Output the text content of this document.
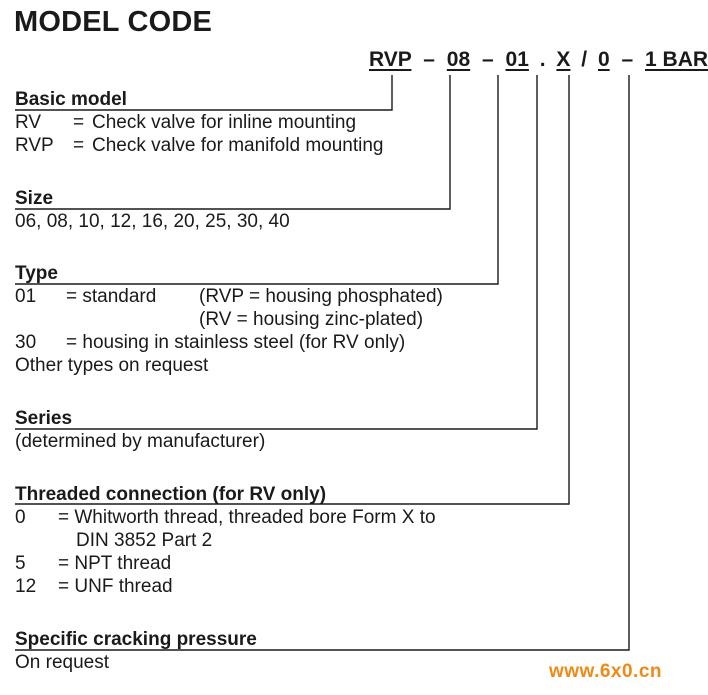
MODEL CODE
RVP – 08 – 01 . X / 0 – 1 BAR
Basic model
RV = Check valve for inline mounting
RVP = Check valve for manifold mounting
Size
06, 08, 10, 12, 16, 20, 25, 30, 40
Type
01 = standard (RVP = housing phosphated)
(RV = housing zinc-plated)
30 = housing in stainless steel (for RV only)
Other types on request
Series
(determined by manufacturer)
Threaded connection (for RV only)
0 = Whitworth thread, threaded bore Form X to
DIN 3852 Part 2
5 = NPT thread
12 = UNF thread
Specific cracking pressure
On request	www.6x0.cn
